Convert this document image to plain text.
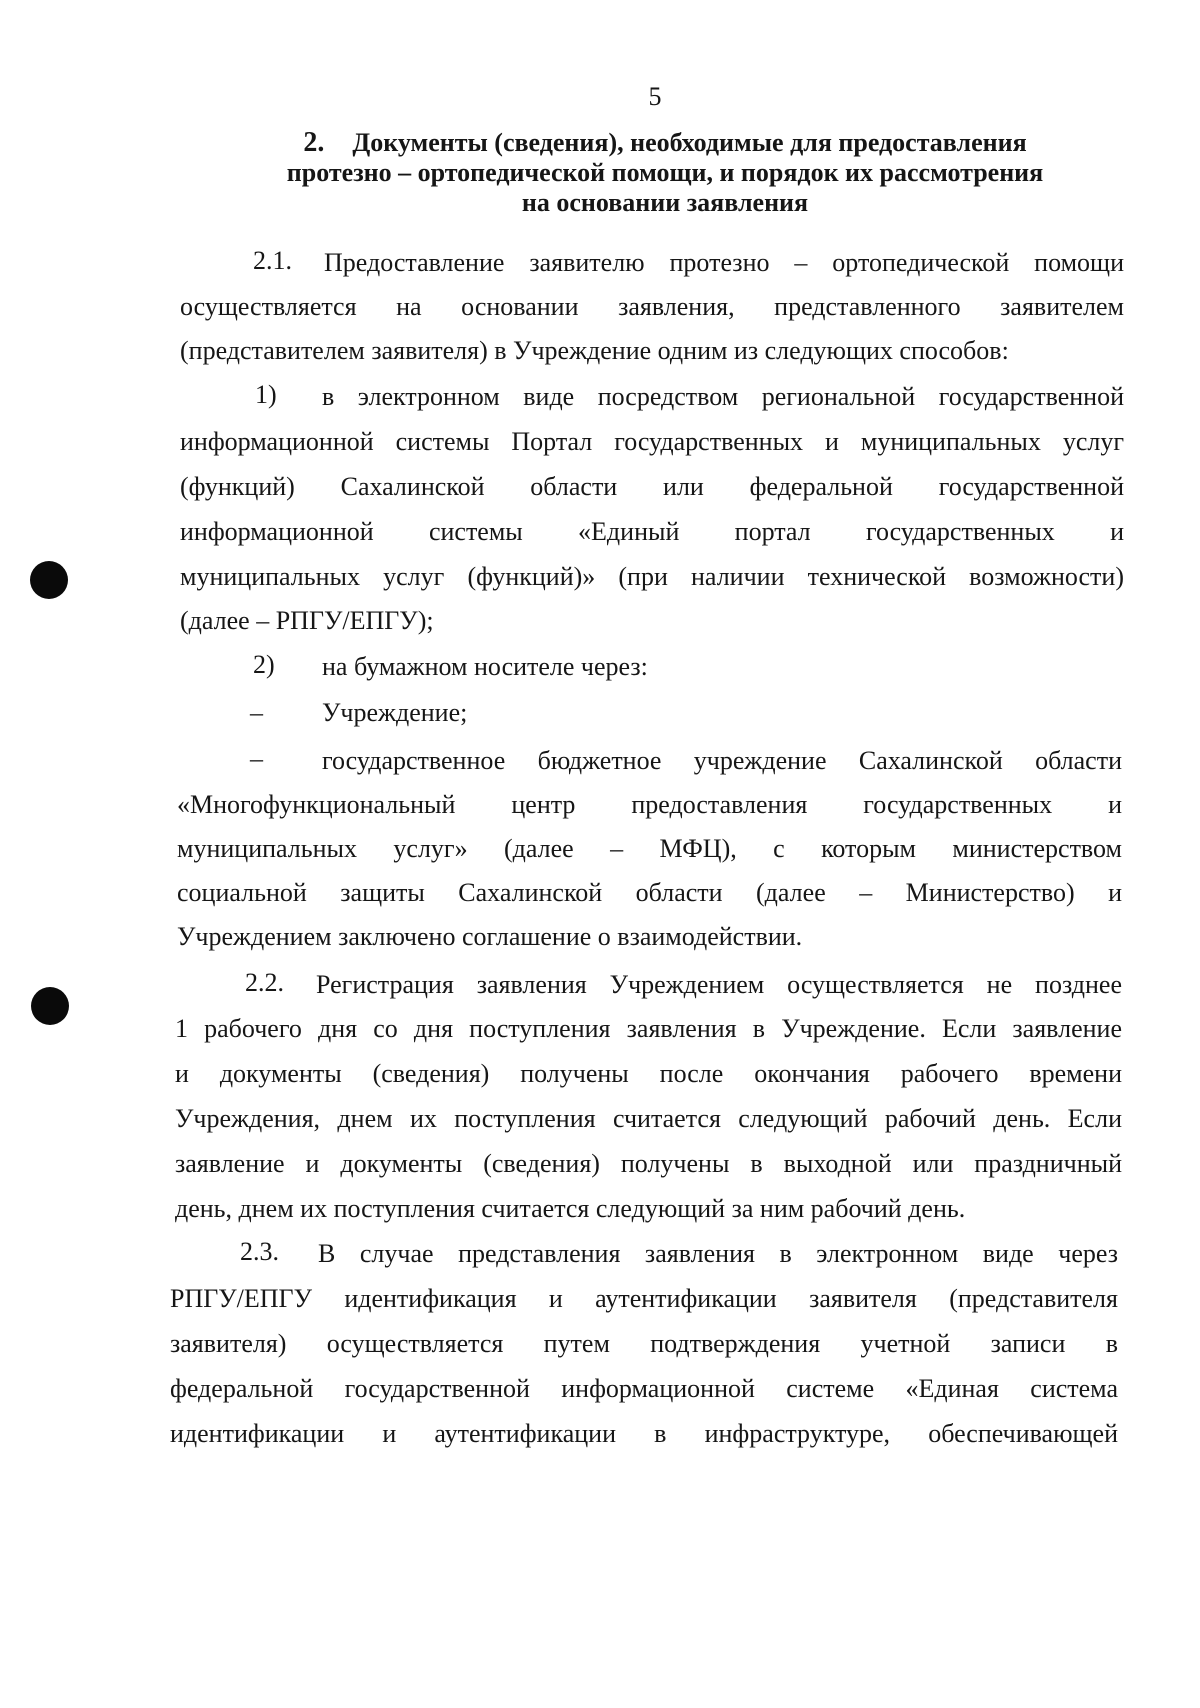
5
2. Документы (сведения), необходимые для предоставления
протезно – ортопедической помощи, и порядок их рассмотрения
на основании заявления
2.1. Предоставление заявителю протезно – ортопедической помощи
осуществляется на основании заявления, представленного заявителем
(представителем заявителя) в Учреждение одним из следующих способов:
1) в электронном виде посредством региональной государственной
информационной системы Портал государственных и муниципальных услуг
(функций) Сахалинской области или федеральной государственной
информационной системы «Единый портал государственных и
муниципальных услуг (функций)» (при наличии технической возможности)
(далее – РПГУ/ЕПГУ);
2) на бумажном носителе через:
– Учреждение;
– государственное бюджетное учреждение Сахалинской области
«Многофункциональный центр предоставления государственных и
муниципальных услуг» (далее – МФЦ), с которым министерством
социальной защиты Сахалинской области (далее – Министерство) и
Учреждением заключено соглашение о взаимодействии.
2.2. Регистрация заявления Учреждением осуществляется не позднее
1 рабочего дня со дня поступления заявления в Учреждение. Если заявление
и документы (сведения) получены после окончания рабочего времени
Учреждения, днем их поступления считается следующий рабочий день. Если
заявление и документы (сведения) получены в выходной или праздничный
день, днем их поступления считается следующий за ним рабочий день.
2.3. В случае представления заявления в электронном виде через
РПГУ/ЕПГУ идентификация и аутентификации заявителя (представителя
заявителя) осуществляется путем подтверждения учетной записи в
федеральной государственной информационной системе «Единая система
идентификации и аутентификации в инфраструктуре, обеспечивающей
